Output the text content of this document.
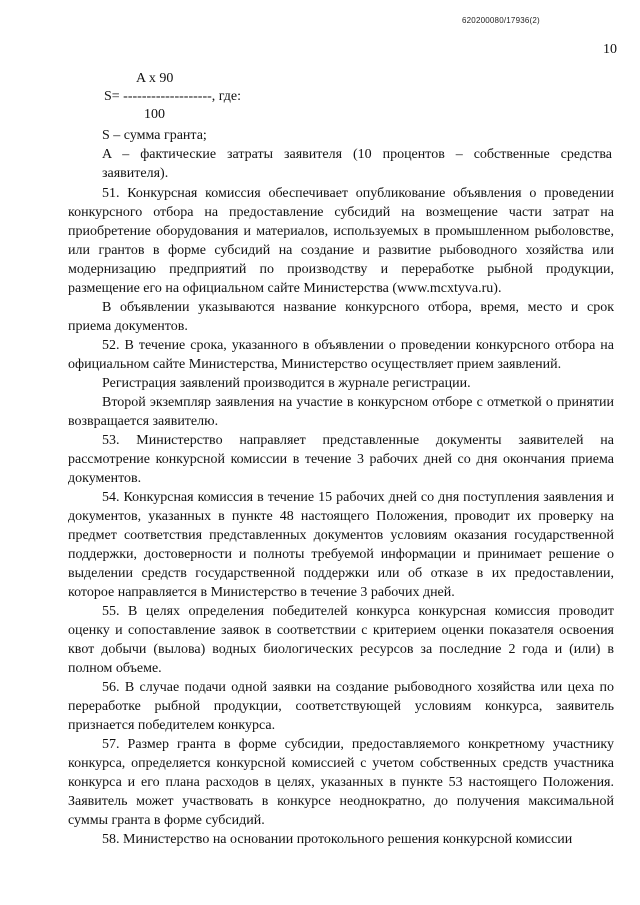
620200080/17936(2)
10
A x 90
S= -------------------, где:
100

S – сумма гранта;

A – фактические затраты заявителя (10 процентов – собственные средства заявителя).

51. Конкурсная комиссия обеспечивает опубликование объявления о проведении конкурсного отбора на предоставление субсидий на возмещение части затрат на приобретение оборудования и материалов, используемых в промышленном рыболовстве, или грантов в форме субсидий на создание и развитие рыбоводного хозяйства или модернизацию предприятий по производству и переработке рыбной продукции, размещение его на официальном сайте Министерства (www.mcxtyva.ru).

В объявлении указываются название конкурсного отбора, время, место и срок приема документов.

52. В течение срока, указанного в объявлении о проведении конкурсного отбора на официальном сайте Министерства, Министерство осуществляет прием заявлений.

Регистрация заявлений производится в журнале регистрации.

Второй экземпляр заявления на участие в конкурсном отборе с отметкой о принятии возвращается заявителю.

53. Министерство направляет представленные документы заявителей на рассмотрение конкурсной комиссии в течение 3 рабочих дней со дня окончания приема документов.

54. Конкурсная комиссия в течение 15 рабочих дней со дня поступления заявления и документов, указанных в пункте 48 настоящего Положения, проводит их проверку на предмет соответствия представленных документов условиям оказания государственной поддержки, достоверности и полноты требуемой информации и принимает решение о выделении средств государственной поддержки или об отказе в их предоставлении, которое направляется в Министерство в течение 3 рабочих дней.

55. В целях определения победителей конкурса конкурсная комиссия проводит оценку и сопоставление заявок в соответствии с критерием оценки показателя освоения квот добычи (вылова) водных биологических ресурсов за последние 2 года и (или) в полном объеме.

56. В случае подачи одной заявки на создание рыбоводного хозяйства или цеха по переработке рыбной продукции, соответствующей условиям конкурса, заявитель признается победителем конкурса.

57. Размер гранта в форме субсидии, предоставляемого конкретному участнику конкурса, определяется конкурсной комиссией с учетом собственных средств участника конкурса и его плана расходов в целях, указанных в пункте 53 настоящего Положения. Заявитель может участвовать в конкурсе неоднократно, до получения максимальной суммы гранта в форме субсидий.

58. Министерство на основании протокольного решения конкурсной комиссии
